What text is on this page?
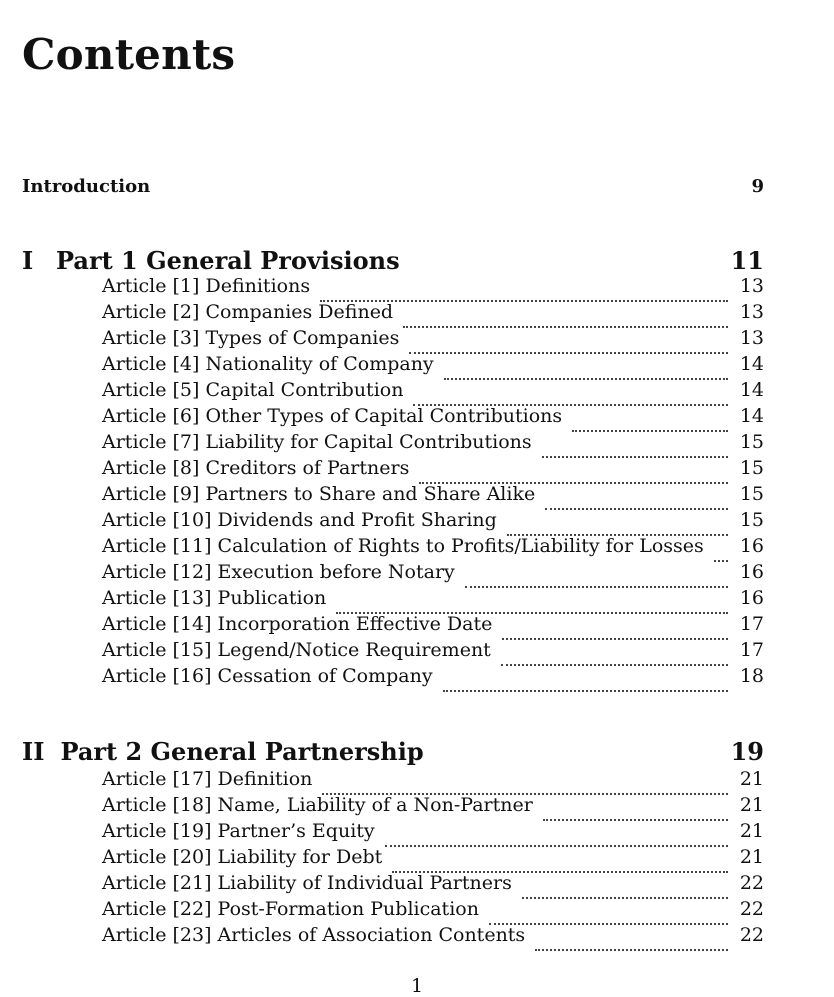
Contents
Introduction	9
I Part 1 General Provisions	11
Article [1] Definitions	13
Article [2] Companies Defined	13
Article [3] Types of Companies	13
Article [4] Nationality of Company	14
Article [5] Capital Contribution	14
Article [6] Other Types of Capital Contributions	14
Article [7] Liability for Capital Contributions	15
Article [8] Creditors of Partners	15
Article [9] Partners to Share and Share Alike	15
Article [10] Dividends and Profit Sharing	15
Article [11] Calculation of Rights to Profits/Liability for Losses 16
Article [12] Execution before Notary	16
Article [13] Publication	16
Article [14] Incorporation Effective Date	17
Article [15] Legend/Notice Requirement	17
Article [16] Cessation of Company	18
II Part 2 General Partnership	19
Article [17] Definition	21
Article [18] Name, Liability of a Non-Partner	21
Article [19] Partner’s Equity	21
Article [20] Liability for Debt	21
Article [21] Liability of Individual Partners	22
Article [22] Post-Formation Publication	22
Article [23] Articles of Association Contents	22
1
